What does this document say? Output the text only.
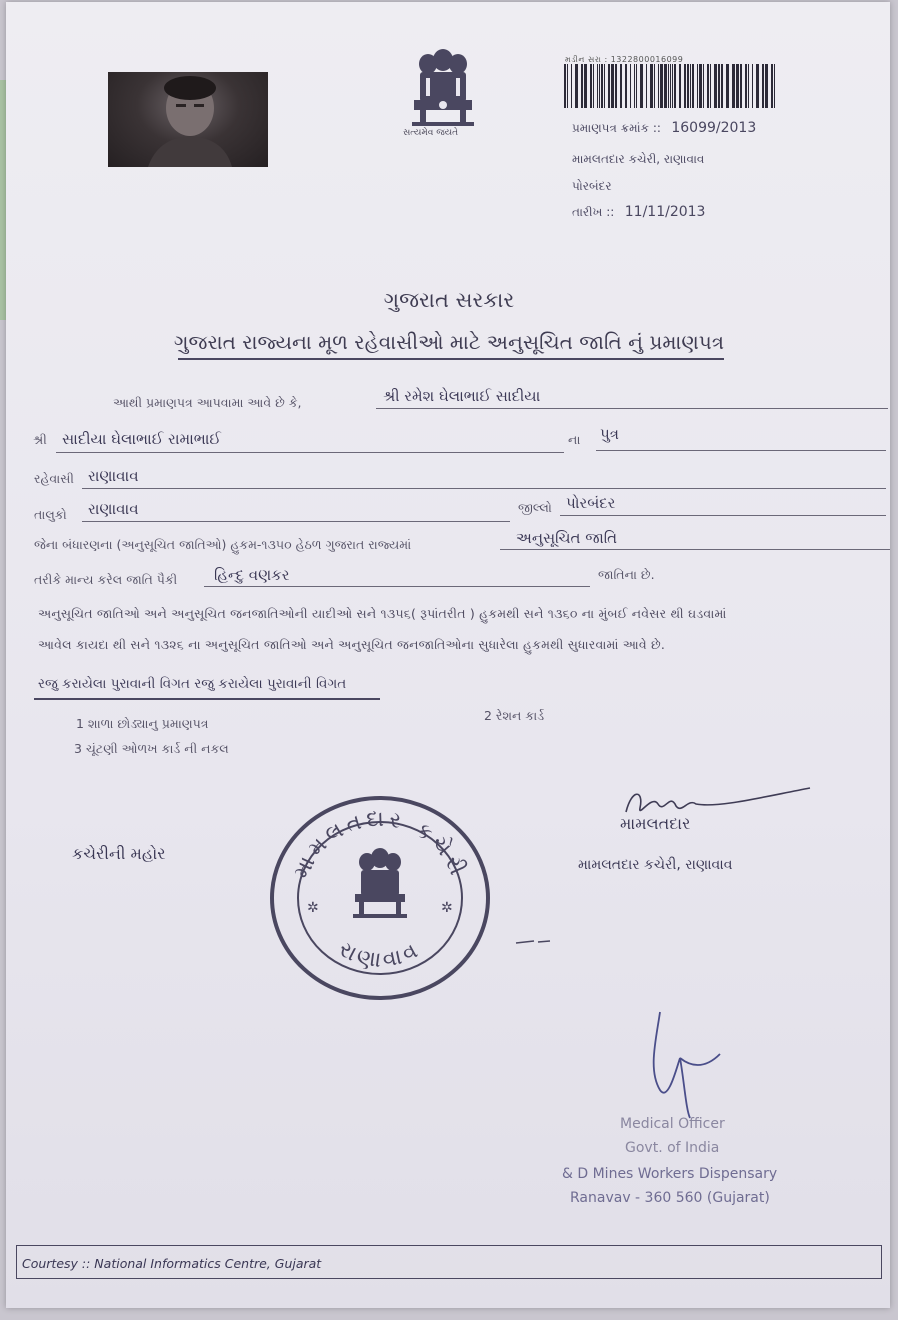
સત્યમેવ જયતે
મડીન સરા : 1322800016099
પ્રમાણપત્ર ક્રમાંક :: 16099/2013
મામલતદાર કચેરી, રાણાવાવ
પોરબંદર
તારીખ :: 11/11/2013
ગુજરાત સરકાર
ગુજરાત રાજ્યના મૂળ રહેવાસીઓ માટે અનુસૂચિત જાતિ નું પ્રમાણપત્ર
આથી પ્રમાણપત્ર આપવામા આવે છે કે,	શ્રી રમેશ ઘેલાભાઈ સાદીયા
શ્રી સાદીયા ઘેલાભાઈ રામાભાઈ	ના પુત્ર
રહેવાસી રાણાવાવ
તાલુકો રાણાવાવ	જીલ્લો પોરબંદર
જેના બંધારણના (અનુસૂચિત જાતિઓ) હુકમ-૧૩૫૦ હેઠળ ગુજરાત રાજ્યમાં	અનુસૂચિત જાતિ
તરીકે માન્ય કરેલ જાતિ પૈકી હિન્દુ વણકર	જાતિના છે.
અનુસૂચિત જાતિઓ અને અનુસૂચિત જનજાતિઓની યાદીઓ સને ૧૩૫૬( રૂપાંતરીત ) હુકમથી સને ૧૩૬૦ ના મુંબઈ નવેસર થી ઘડવામાં
આવેલ કાયદા થી સને ૧૩૨૬ ના અનુસૂચિત જાતિઓ અને અનુસૂચિત જનજાતિઓના સુધારેલા હુકમથી સુધારવામાં આવે છે.
રજુ કરાયેલા પુરાવાની વિગત રજુ કરાયેલા પુરાવાની વિગત
1 શાળા છોડ્યાનુ પ્રમાણપત્ર
2 રેશન કાર્ડ
3 ચૂંટણી ઓળખ કાર્ડ ની નકલ
કચેરીની મહોર	મામલતદાર કચેરી
રાણાવાવ
✲	✲
મામલતદાર
મામલતદાર કચેરી, રાણાવાવ
Medical Officer
Govt. of India
& D Mines Workers Dispensary
Ranavav - 360 560 (Gujarat)
Courtesy :: National Informatics Centre, Gujarat
